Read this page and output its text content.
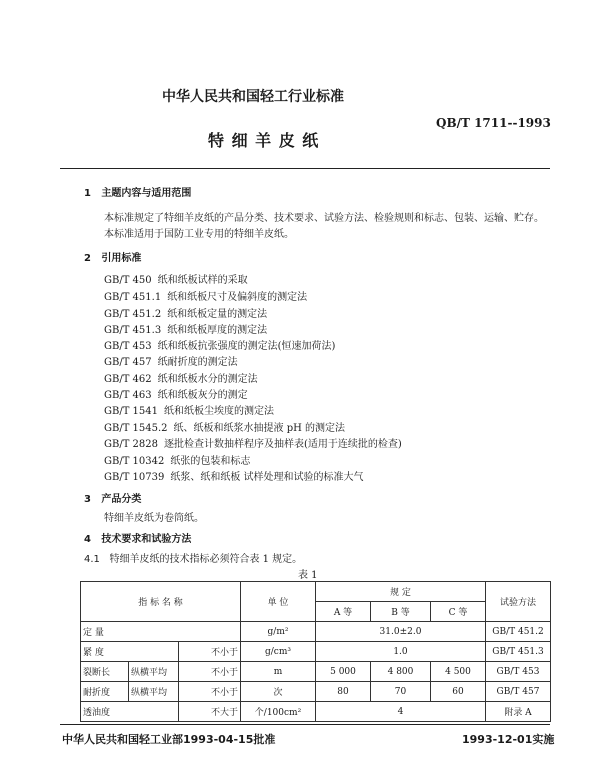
中华人民共和国轻工行业标准
QB/T 1711--1993
特 细 羊 皮 纸
1 主题内容与适用范围
本标准规定了特细羊皮纸的产品分类、技术要求、试验方法、检验规则和标志、包装、运输、贮存。
本标准适用于国防工业专用的特细羊皮纸。
2 引用标准
GB/T 450 纸和纸板试样的采取
GB/T 451.1 纸和纸板尺寸及偏斜度的测定法
GB/T 451.2 纸和纸板定量的测定法
GB/T 451.3 纸和纸板厚度的测定法
GB/T 453 纸和纸板抗张强度的测定法(恒速加荷法)
GB/T 457 纸耐折度的测定法
GB/T 462 纸和纸板水分的测定法
GB/T 463 纸和纸板灰分的测定
GB/T 1541 纸和纸板尘埃度的测定法
GB/T 1545.2 纸、纸板和纸浆水抽提液 pH 的测定法
GB/T 2828 逐批检查计数抽样程序及抽样表(适用于连续批的检查)
GB/T 10342 纸张的包装和标志
GB/T 10739 纸浆、纸和纸板 试样处理和试验的标准大气
3 产品分类
特细羊皮纸为卷筒纸。
4 技术要求和试验方法
4.1 特细羊皮纸的技术指标必须符合表 1 规定。
表 1
指 标 名 称			单 位	规 定			试验方法
				A 等	B 等	C 等	
定 量			g/m²	31.0±2.0			GB/T 451.2
紧 度		不小于	g/cm³	1.0			GB/T 451.3
裂断长	纵横平均	不小于	m	5 000	4 800	4 500	GB/T 453
耐折度	纵横平均	不小于	次	80	70	60	GB/T 457
透油度		不大于	个/100cm²	4			附录 A
中华人民共和国轻工业部1993-04-15批准	1993-12-01实施
